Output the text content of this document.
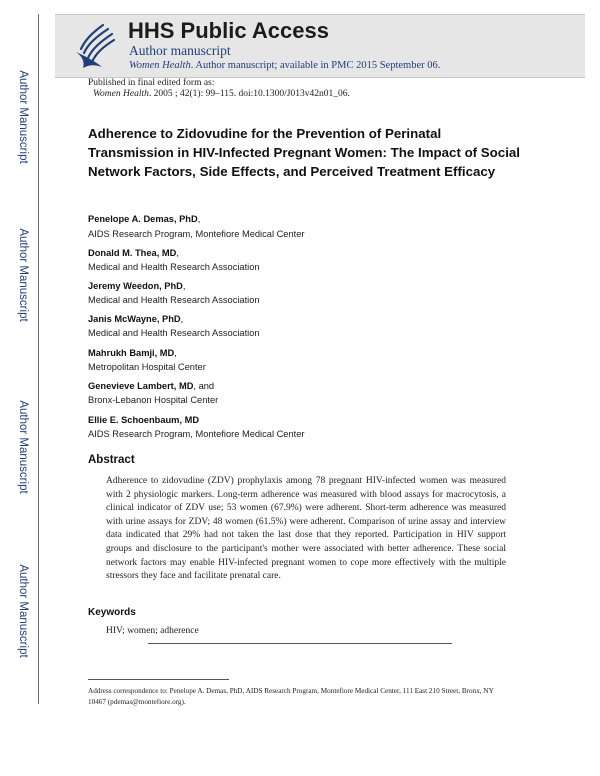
Author Manuscript
Author Manuscript
Author Manuscript
Author Manuscript
HHS Public Access
Author manuscript
Women Health. Author manuscript; available in PMC 2015 September 06.
Published in final edited form as:
Women Health. 2005 ; 42(1): 99–115. doi:10.1300/J013v42n01_06.
Adherence to Zidovudine for the Prevention of Perinatal Transmission in HIV-Infected Pregnant Women: The Impact of Social Network Factors, Side Effects, and Perceived Treatment Efficacy
Penelope A. Demas, PhD,
AIDS Research Program, Montefiore Medical Center
Donald M. Thea, MD,
Medical and Health Research Association
Jeremy Weedon, PhD,
Medical and Health Research Association
Janis McWayne, PhD,
Medical and Health Research Association
Mahrukh Bamji, MD,
Metropolitan Hospital Center
Genevieve Lambert, MD, and
Bronx-Lebanon Hospital Center
Ellie E. Schoenbaum, MD
AIDS Research Program, Montefiore Medical Center
Abstract

Adherence to zidovudine (ZDV) prophylaxis among 78 pregnant HIV-infected women was measured with 2 physiologic markers. Long-term adherence was measured with blood assays for macrocytosis, a clinical indicator of ZDV use; 53 women (67.9%) were adherent. Short-term adherence was measured with urine assays for ZDV; 48 women (61.5%) were adherent. Comparison of urine assay and interview data indicated that 29% had not taken the last dose that they reported. Participation in HIV support groups and disclosure to the participant's mother were associated with better adherence. These social network factors may enable HIV-infected pregnant women to cope more effectively with the multiple stressors they face and facilitate prenatal care.

Keywords
HIV; women; adherence

Address correspondence to: Penelope A. Demas, PhD, AIDS Research Program, Montefiore Medical Center, 111 East 210 Street, Bronx, NY 10467 (pdemas@montefiore.org).
